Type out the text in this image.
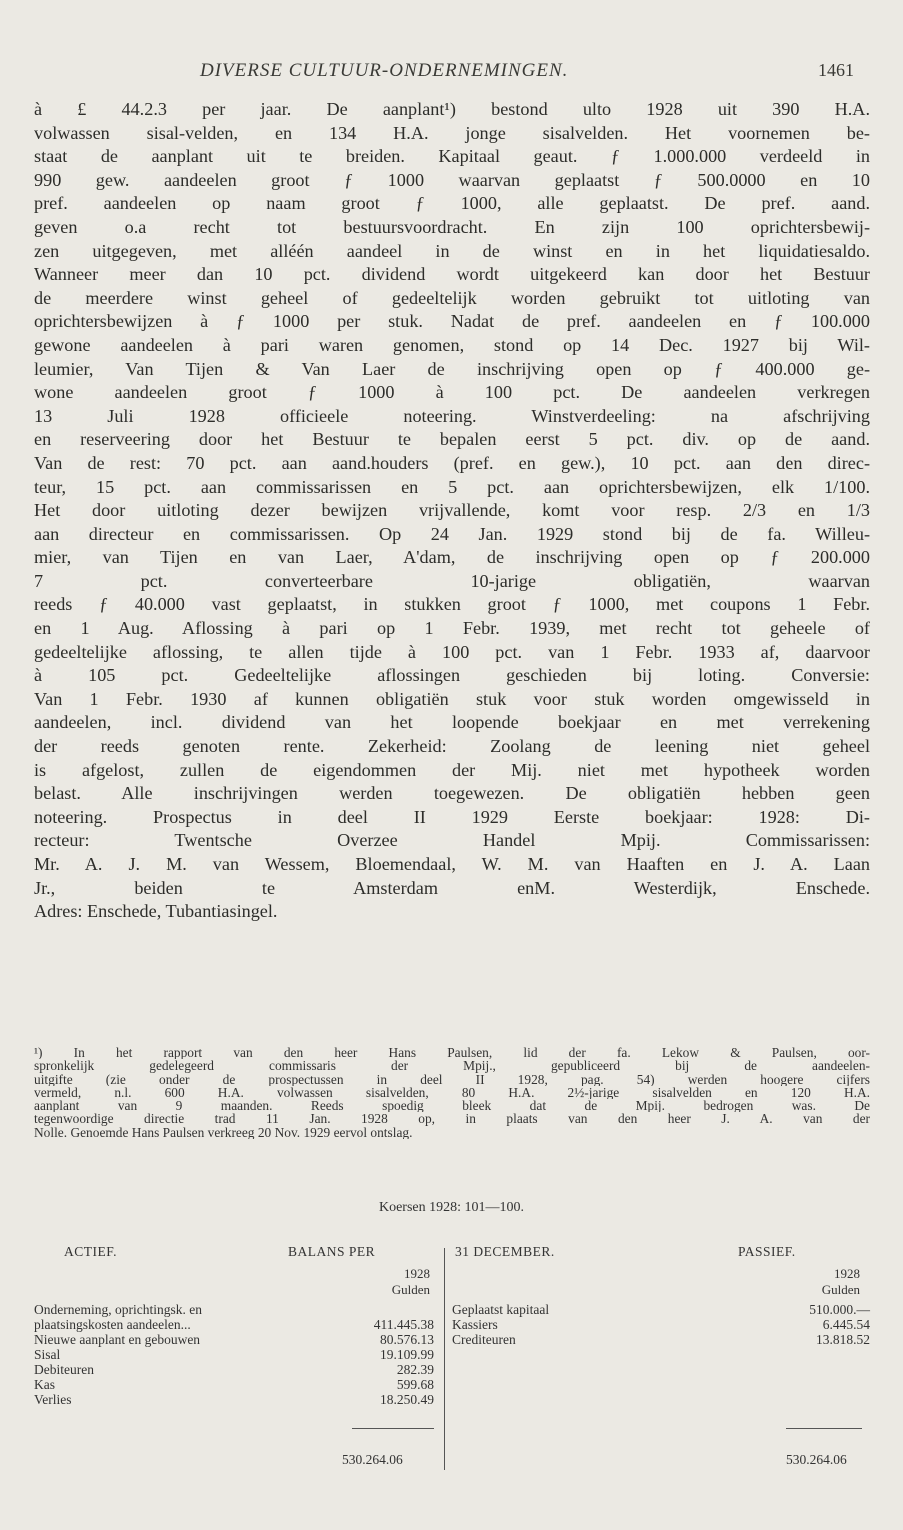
DIVERSE CULTUUR-ONDERNEMINGEN.	1461
à £ 44.2.3 per jaar. De aanplant¹) bestond ulto 1928 uit 390 H.A.
volwassen sisal-velden, en 134 H.A. jonge sisalvelden. Het voornemen be-
staat de aanplant uit te breiden. Kapitaal geaut. ƒ 1.000.000 verdeeld in
990 gew. aandeelen groot ƒ 1000 waarvan geplaatst ƒ 500.0000 en 10
pref. aandeelen op naam groot ƒ 1000, alle geplaatst. De pref. aand.
geven o.a recht tot bestuursvoordracht. En zijn 100 oprichtersbewij-
zen uitgegeven, met alléén aandeel in de winst en in het liquidatiesaldo.
Wanneer meer dan 10 pct. dividend wordt uitgekeerd kan door het Bestuur
de meerdere winst geheel of gedeeltelijk worden gebruikt tot uitloting van
oprichtersbewijzen à ƒ 1000 per stuk. Nadat de pref. aandeelen en ƒ 100.000
gewone aandeelen à pari waren genomen, stond op 14 Dec. 1927 bij Wil-
leumier, Van Tijen & Van Laer de inschrijving open op ƒ 400.000 ge-
wone aandeelen groot ƒ 1000 à 100 pct. De aandeelen verkregen
13 Juli 1928 officieele noteering. Winstverdeeling: na afschrijving
en reserveering door het Bestuur te bepalen eerst 5 pct. div. op de aand.
Van de rest: 70 pct. aan aand.houders (pref. en gew.), 10 pct. aan den direc-
teur, 15 pct. aan commissarissen en 5 pct. aan oprichtersbewijzen, elk 1/100.
Het door uitloting dezer bewijzen vrijvallende, komt voor resp. 2/3 en 1/3
aan directeur en commissarissen. Op 24 Jan. 1929 stond bij de fa. Willeu-
mier, van Tijen en van Laer, A'dam, de inschrijving open op ƒ 200.000
7 pct. converteerbare 10-jarige obligatiën, waarvan
reeds ƒ 40.000 vast geplaatst, in stukken groot ƒ 1000, met coupons 1 Febr.
en 1 Aug. Aflossing à pari op 1 Febr. 1939, met recht tot geheele of
gedeeltelijke aflossing, te allen tijde à 100 pct. van 1 Febr. 1933 af, daarvoor
à 105 pct. Gedeeltelijke aflossingen geschieden bij loting. Conversie:
Van 1 Febr. 1930 af kunnen obligatiën stuk voor stuk worden omgewisseld in
aandeelen, incl. dividend van het loopende boekjaar en met verrekening
der reeds genoten rente. Zekerheid: Zoolang de leening niet geheel
is afgelost, zullen de eigendommen der Mij. niet met hypotheek worden
belast. Alle inschrijvingen werden toegewezen. De obligatiën hebben geen
noteering. Prospectus in deel II 1929 Eerste boekjaar: 1928: Di-
recteur: Twentsche Overzee Handel Mpij. Commissarissen:
Mr. A. J. M. van Wessem, Bloemendaal, W. M. van Haaften en J. A. Laan
Jr., beiden te Amsterdam enM. Westerdijk, Enschede.
Adres: Enschede, Tubantiasingel.
¹) In het rapport van den heer Hans Paulsen, lid der fa. Lekow & Paulsen, oor-
spronkelijk gedelegeerd commissaris der Mpij., gepubliceerd bij de aandeelen-
uitgifte (zie onder de prospectussen in deel II 1928, pag. 54) werden hoogere cijfers
vermeld, n.l. 600 H.A. volwassen sisalvelden, 80 H.A. 2½-jarige sisalvelden en 120 H.A.
aanplant van 9 maanden. Reeds spoedig bleek dat de Mpij. bedrogen was. De
tegenwoordige directie trad 11 Jan. 1928 op, in plaats van den heer J. A. van der
Nolle. Genoemde Hans Paulsen verkreeg 20 Nov. 1929 eervol ontslag.
Koersen 1928: 101—100.
ACTIEF.	BALANS PER	31 DECEMBER.	PASSIEF.
1928
Gulden
1928
Gulden
Onderneming, oprichtingsk. en
plaatsingskosten aandeelen...	411.445.38
Nieuwe aanplant en gebouwen	80.576.13
Sisal	19.109.99
Debiteuren	282.39
Kas	599.68
Verlies	18.250.49
Geplaatst kapitaal	510.000.—
Kassiers	6.445.54
Crediteuren	13.818.52
530.264.06	530.264.06
